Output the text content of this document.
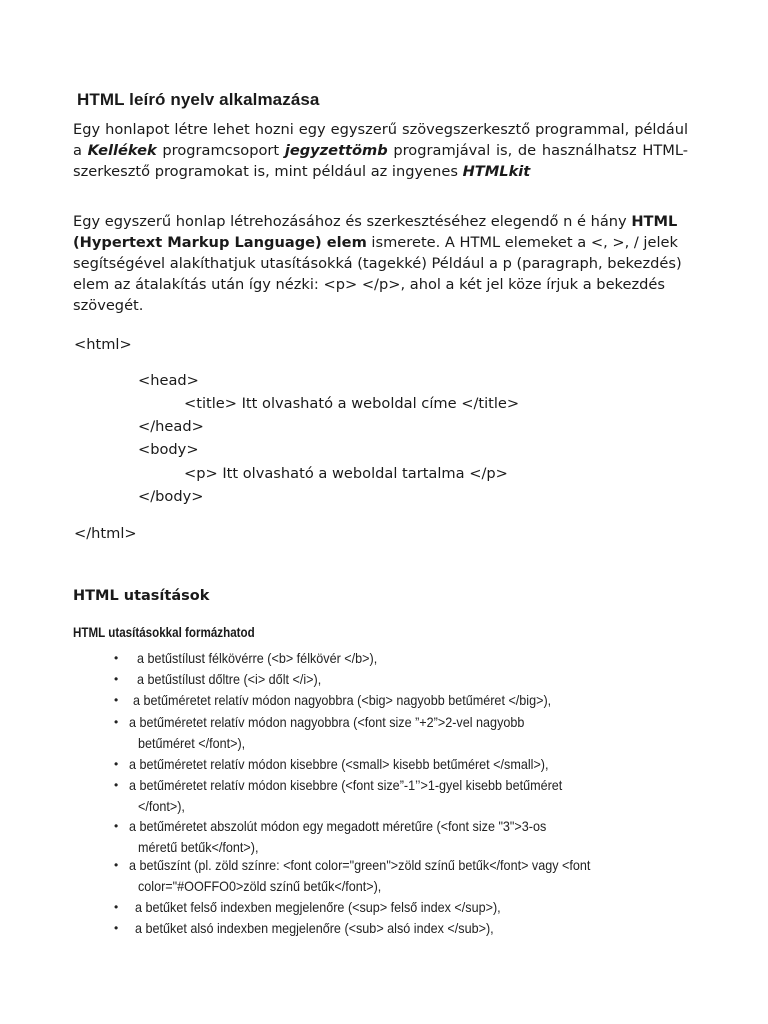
HTML leíró nyelv alkalmazása

Egy honlapot létre lehet hozni egy egyszerű szövegszerkesztő programmal, például a Kellékek programcsoport jegyzettömb programjával is, de használhatsz HTML-szerkesztő programokat is, mint például az ingyenes HTMLkit

Egy egyszerű honlap létrehozásához és szerkesztéséhez elegendő n é hány HTML (Hypertext Markup Language) elem ismerete. A HTML elemeket a <, >, / jelek segítségével alakíthatjuk utasításokká (tagekké) Például a p (paragraph, bekezdés) elem az átalakítás után így nézki: <p> </p>, ahol a két jel köze írjuk a bekezdés szövegét.

<html>
<head>
<title> Itt olvasható a weboldal címe </title>
</head>
<body>
<p> Itt olvasható a weboldal tartalma </p>
</body>
</html>
HTML utasítások
HTML utasításokkal formázhatod
• a betűstílust félkövérre (<b> félkövér </b>),
• a betűstílust dőltre (<i> dőlt </i>),
• a betűméretet relatív módon nagyobbra (<big> nagyobb betűméret </big>),
• a betűméretet relatív módon nagyobbra (<font size ”+2”>2-vel nagyobb
betűméret </font>),
• a betűméretet relatív módon kisebbre (<small> kisebb betűméret </small>),
• a betűméretet relatív módon kisebbre (<font size”-1’’>1-gyel kisebb betűméret
</font>),
• a betűméretet abszolút módon egy megadott méretűre (<font size "3">3-os
méretű betűk</font>),
• a betűszínt (pl. zöld színre: <font color="green">zöld színű betűk</font> vagy <font
color="#OOFFO0>zöld színű betűk</font>),
• a betűket felső indexben megjelenőre (<sup> felső index </sup>),
• a betűket alsó indexben megjelenőre (<sub> alsó index </sub>),
